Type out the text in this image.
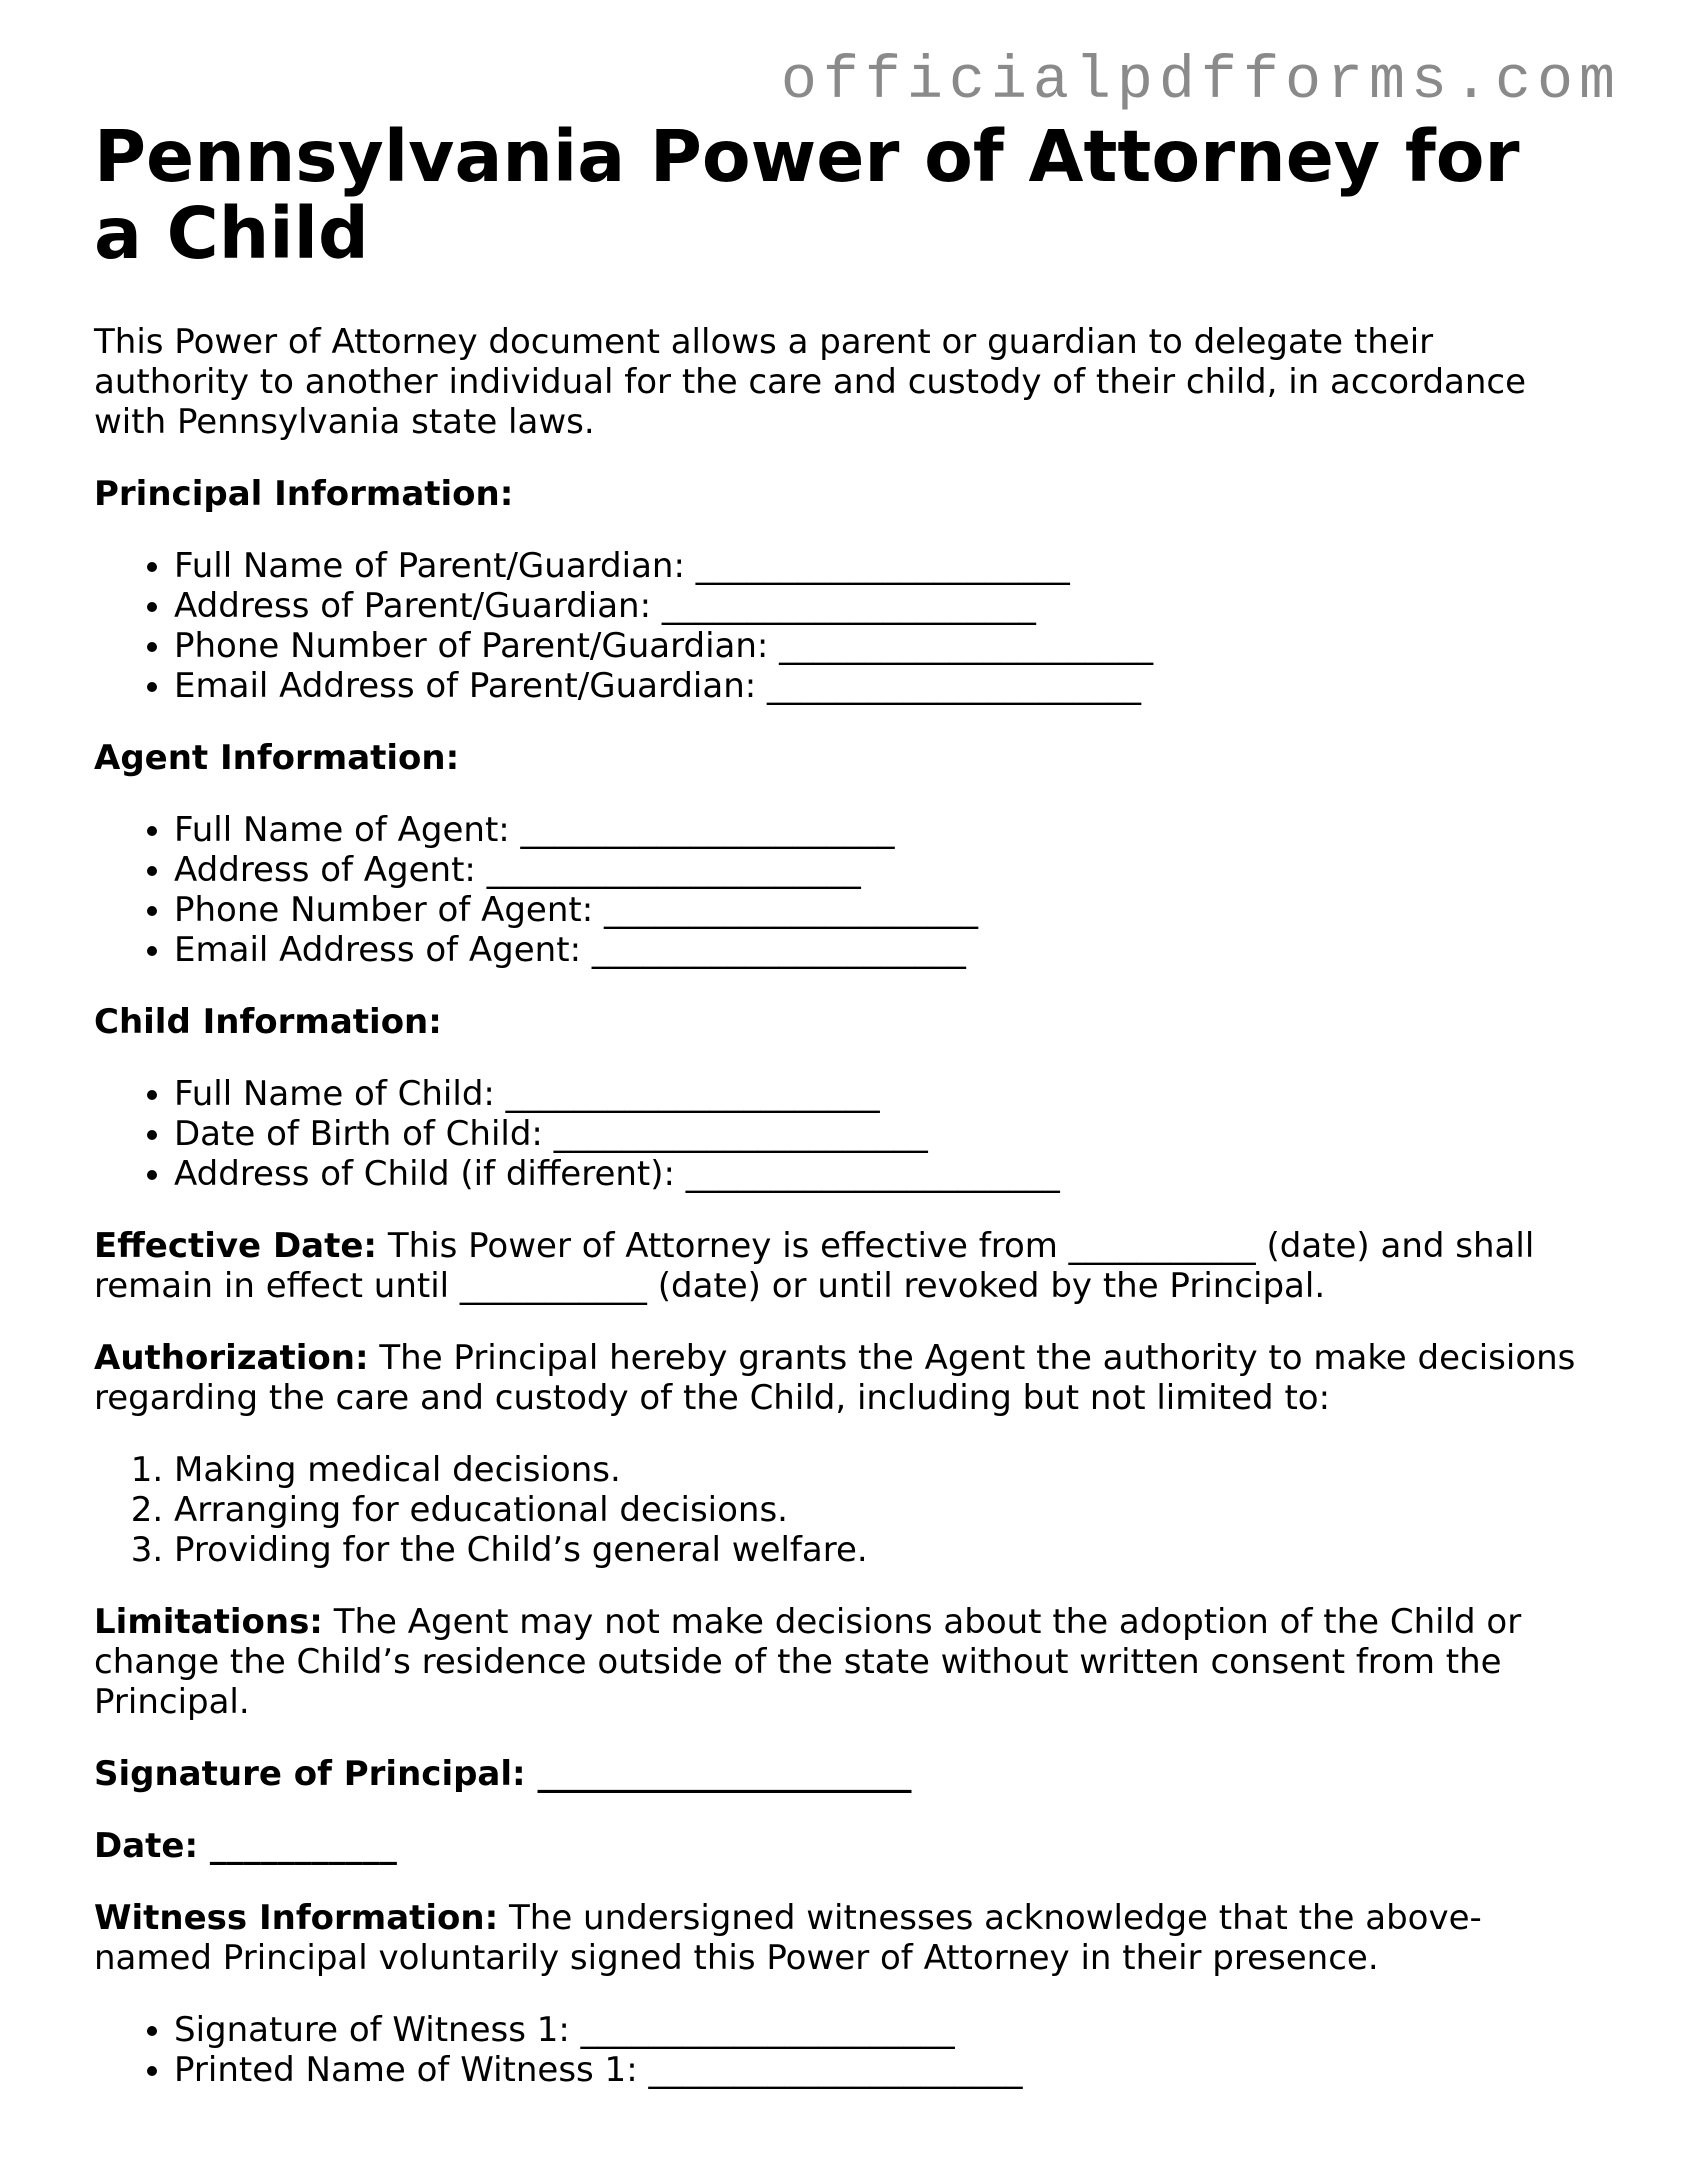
officialpdfforms.com
Pennsylvania Power of Attorney for a Child

This Power of Attorney document allows a parent or guardian to delegate their authority to another individual for the care and custody of their child, in accordance with Pennsylvania state laws.

Principal Information:
• Full Name of Parent/Guardian: ______________________
• Address of Parent/Guardian: ______________________
• Phone Number of Parent/Guardian: ______________________
• Email Address of Parent/Guardian: ______________________
Agent Information:
• Full Name of Agent: ______________________
• Address of Agent: ______________________
• Phone Number of Agent: ______________________
• Email Address of Agent: ______________________
Child Information:
• Full Name of Child: ______________________
• Date of Birth of Child: ______________________
• Address of Child (if different): ______________________

Effective Date: This Power of Attorney is effective from ___________ (date) and shall remain in effect until ___________ (date) or until revoked by the Principal.

Authorization: The Principal hereby grants the Agent the authority to make decisions regarding the care and custody of the Child, including but not limited to:

1. Making medical decisions.
2. Arranging for educational decisions.
3. Providing for the Child’s general welfare.

Limitations: The Agent may not make decisions about the adoption of the Child or change the Child’s residence outside of the state without written consent from the Principal.

Signature of Principal: ______________________

Date: ___________

Witness Information: The undersigned witnesses acknowledge that the above-named Principal voluntarily signed this Power of Attorney in their presence.

• Signature of Witness 1: ______________________
• Printed Name of Witness 1: ______________________
